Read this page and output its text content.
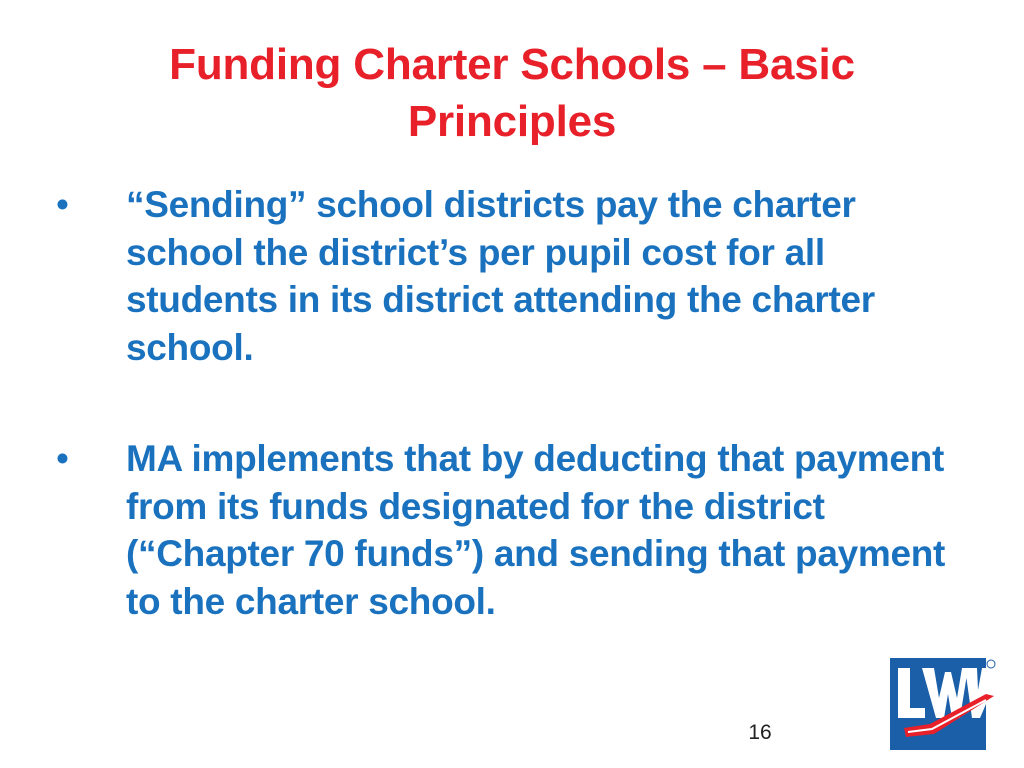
Funding Charter Schools – Basic Principles
• “Sending” school districts pay the charter school the district’s per pupil cost for all students in its district attending the charter school.
• MA implements that by deducting that payment from its funds designated for the district (“Chapter 70 funds”) and sending that payment to the charter school.
16
